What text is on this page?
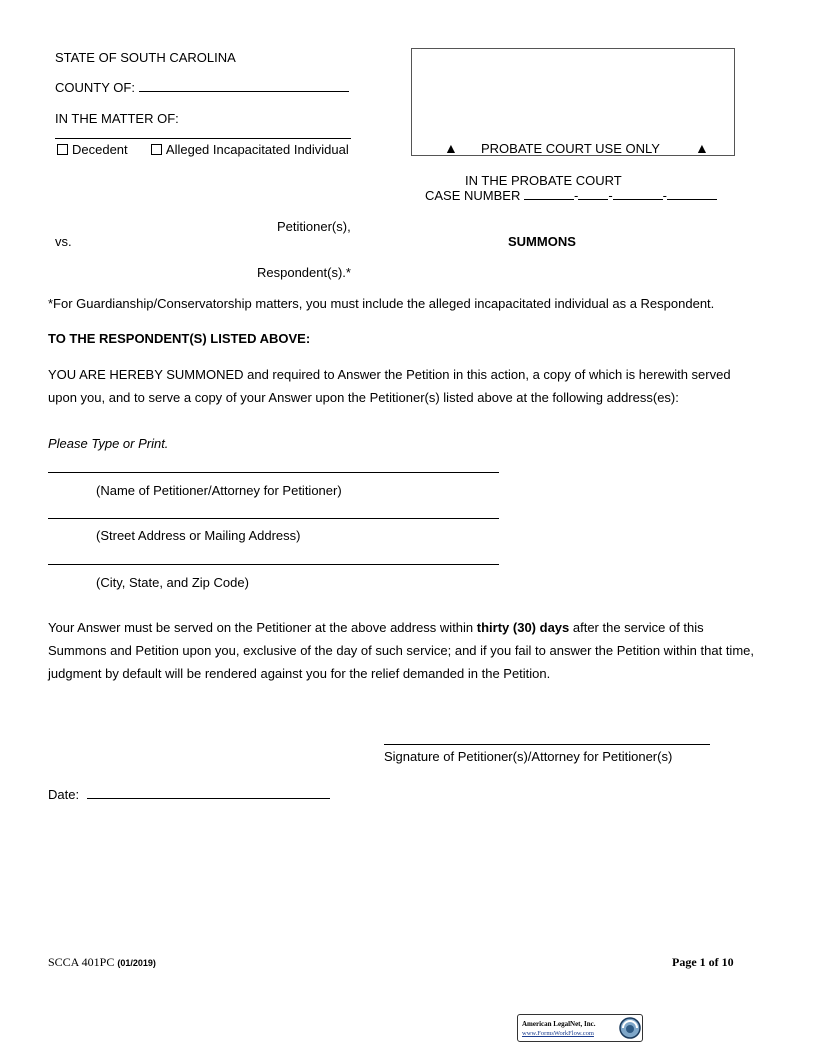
STATE OF SOUTH CAROLINA
COUNTY OF:
IN THE MATTER OF:
Decedent	Alleged Incapacitated Individual	▲ PROBATE COURT USE ONLY	▲
IN THE PROBATE COURT
CASE NUMBER	- -	-
Petitioner(s),
vs.	SUMMONS
Respondent(s).*
*For Guardianship/Conservatorship matters, you must include the alleged incapacitated individual as a Respondent.
TO THE RESPONDENT(S) LISTED ABOVE:
YOU ARE HEREBY SUMMONED and required to Answer the Petition in this action, a copy of which is herewith served upon you, and to serve a copy of your Answer upon the Petitioner(s) listed above at the following address(es):
Please Type or Print.
(Name of Petitioner/Attorney for Petitioner)
(Street Address or Mailing Address)
(City, State, and Zip Code)
Your Answer must be served on the Petitioner at the above address within thirty (30) days after the service of this Summons and Petition upon you, exclusive of the day of such service; and if you fail to answer the Petition within that time, judgment by default will be rendered against you for the relief demanded in the Petition.
Signature of Petitioner(s)/Attorney for Petitioner(s)
Date:
SCCA 401PC (01/2019)	Page 1 of 10
American LegalNet, Inc.
www.FormsWorkFlow.com
